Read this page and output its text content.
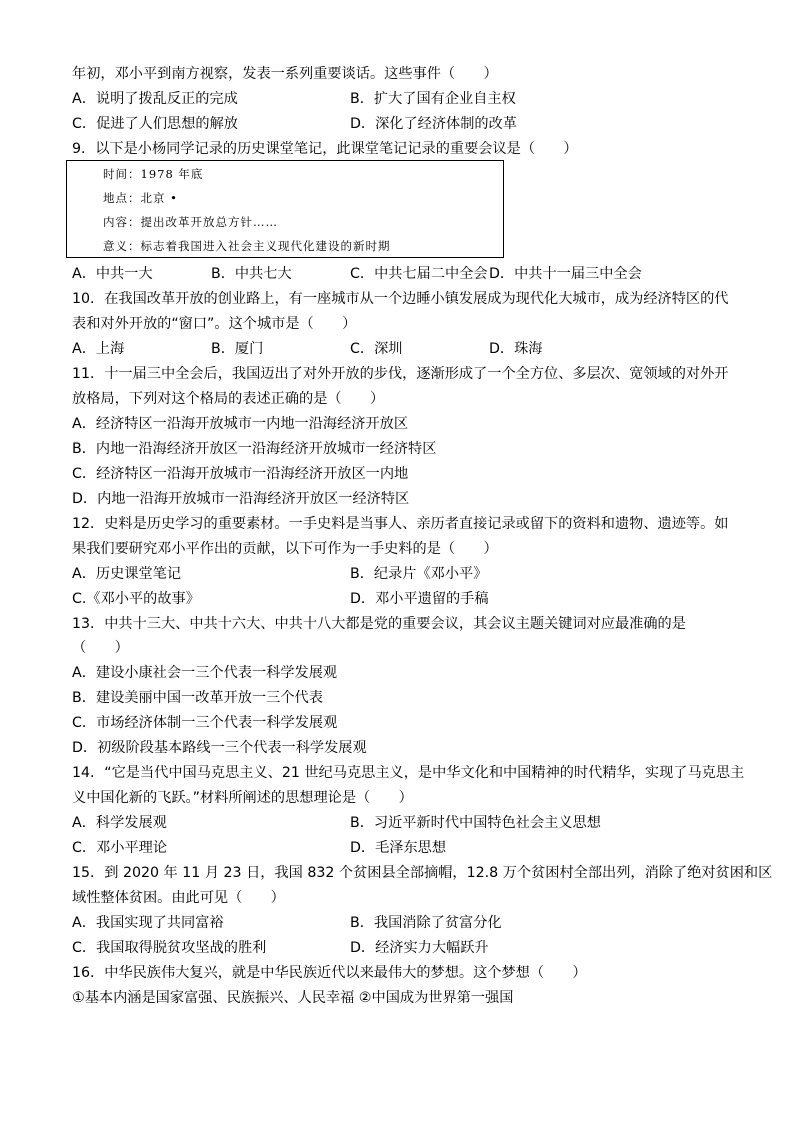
年初，邓小平到南方视察，发表一系列重要谈话。这些事件（　　）
A．说明了拨乱反正的完成	B．扩大了国有企业自主权
C．促进了人们思想的解放	D．深化了经济体制的改革
9．以下是小杨同学记录的历史课堂笔记，此课堂笔记记录的重要会议是（　　）
时间：1978 年底
地点：北京 •
内容：提出改革开放总方针……
意义：标志着我国进入社会主义现代化建设的新时期
A．中共一大	B．中共七大	C．中共七届二中全会 D．中共十一届三中全会
10．在我国改革开放的创业路上，有一座城市从一个边睡小镇发展成为现代化大城市，成为经济特区的代
表和对外开放的“窗口”。这个城市是（　　）
A．上海	B．厦门	C．深圳	D．珠海
11．十一届三中全会后，我国迈出了对外开放的步伐，逐渐形成了一个全方位、多层次、宽领域的对外开
放格局，下列对这个格局的表述正确的是（　　）
A．经济特区一沿海开放城市一内地一沿海经济开放区
B．内地一沿海经济开放区一沿海经济开放城市一经济特区
C．经济特区一沿海开放城市一沿海经济开放区一内地
D．内地一沿海开放城市一沿海经济开放区一经济特区
12．史料是历史学习的重要素材。一手史料是当事人、亲历者直接记录或留下的资料和遗物、遗迹等。如
果我们要研究邓小平作出的贡献，以下可作为一手史料的是（　　）
A．历史课堂笔记	B．纪录片《邓小平》
C.《邓小平的故事》	D．邓小平遗留的手稿
13．中共十三大、中共十六大、中共十八大都是党的重要会议，其会议主题关键词对应最准确的是
（　　）
A．建设小康社会一三个代表一科学发展观
B．建设美丽中国一改革开放一三个代表
C．市场经济体制一三个代表一科学发展观
D．初级阶段基本路线一三个代表一科学发展观
14．“它是当代中国马克思主义、21 世纪马克思主义，是中华文化和中国精神的时代精华，实现了马克思主
义中国化新的飞跃。”材料所阐述的思想理论是（　　）
A．科学发展观	B．习近平新时代中国特色社会主义思想
C．邓小平理论	D．毛泽东思想
15．到 2020 年 11 月 23 日，我国 832 个贫困县全部摘帽，12.8 万个贫困村全部出列，消除了绝对贫困和区
域性整体贫困。由此可见（　　）
A．我国实现了共同富裕	B．我国消除了贫富分化
C．我国取得脱贫攻坚战的胜利	D．经济实力大幅跃升
16．中华民族伟大复兴，就是中华民族近代以来最伟大的梦想。这个梦想（　　）
①基本内涵是国家富强、民族振兴、人民幸福 ②中国成为世界第一强国
